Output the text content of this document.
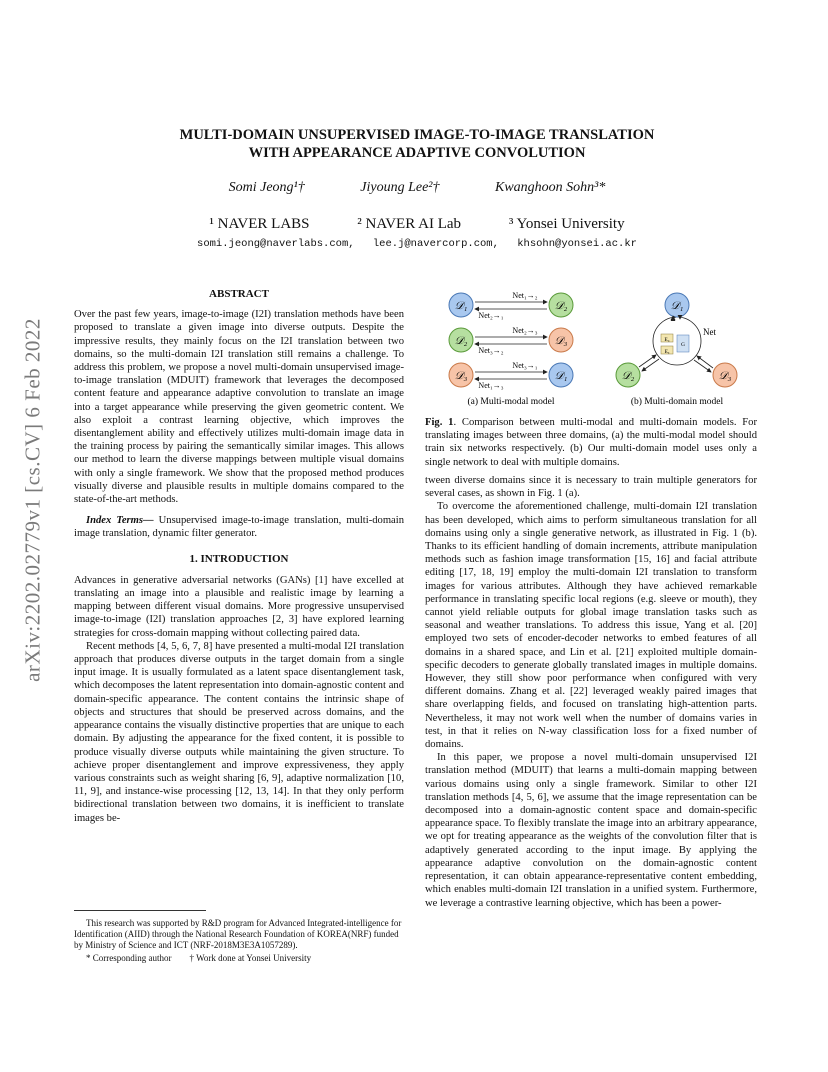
arXiv:2202.02779v1 [cs.CV] 6 Feb 2022
MULTI-DOMAIN UNSUPERVISED IMAGE-TO-IMAGE TRANSLATION
WITH APPEARANCE ADAPTIVE CONVOLUTION
Somi Jeong¹†	Jiyoung Lee²†	Kwanghoon Sohn³*
¹ NAVER LABS	² NAVER AI Lab	³ Yonsei University
somi.jeong@naverlabs.com, lee.j@navercorp.com, khsohn@yonsei.ac.kr
ABSTRACT

Over the past few years, image-to-image (I2I) translation methods have been proposed to translate a given image into diverse outputs. Despite the impressive results, they mainly focus on the I2I translation between two domains, so the multi-domain I2I translation still remains a challenge. To address this problem, we propose a novel multi-domain unsupervised image-to-image translation (MDUIT) framework that leverages the decomposed content feature and appearance adaptive convolution to translate an image into a target appearance while preserving the given geometric content. We also exploit a contrast learning objective, which improves the disentanglement ability and effectively utilizes multi-domain image data in the training process by pairing the semantically similar images. This allows our method to learn the diverse mappings between multiple visual domains with only a single framework. We show that the proposed method produces visually diverse and plausible results in multiple domains compared to the state-of-the-art methods.

Index Terms— Unsupervised image-to-image translation, multi-domain image translation, dynamic filter generator.

1. INTRODUCTION

Advances in generative adversarial networks (GANs) [1] have excelled at translating an image into a plausible and realistic image by learning a mapping between different visual domains. More progressive unsupervised image-to-image (I2I) translation approaches [2, 3] have explored learning strategies for cross-domain mapping without collecting paired data.

Recent methods [4, 5, 6, 7, 8] have presented a multi-modal I2I translation approach that produces diverse outputs in the target domain from a single input image. It is usually formulated as a latent space disentanglement task, which decomposes the latent representation into domain-agnostic content and domain-specific appearance. The content contains the intrinsic shape of objects and structures that should be preserved across domains, and the appearance contains the visually distinctive properties that are unique to each domain. By adjusting the appearance for the fixed content, it is possible to produce visually diverse outputs while maintaining the given structure. To achieve proper disentanglement and improve expressiveness, they apply various constraints such as weight sharing [6, 9], adaptive normalization [10, 11, 9], and instance-wise processing [12, 13, 14]. In that they only perform bidirectional translation between two domains, it is inefficient to translate images be-

This research was supported by R&D program for Advanced Integrated-intelligence for Identification (AIID) through the National Research Foundation of KOREA(NRF) funded by Ministry of Science and ICT (NRF-2018M3E3A1057289).

* Corresponding author        † Work done at Yonsei University

𝒟₁	𝒟₂
Net₁→₂
Net₂→₁
𝒟₂	𝒟₃
Net₂→₃
Net₃→₂
𝒟₃	𝒟₁
Net₃→₁
Net₁→₃
(a) Multi-modal model
Net
E꜀
Eₐ
G
𝒟₁
𝒟₂	𝒟₃
(b) Multi-domain model
Fig. 1. Comparison between multi-modal and multi-domain models. For translating images between three domains, (a) the multi-modal model should train six networks respectively. (b) Our multi-domain model uses only a single network to deal with multiple domains.

tween diverse domains since it is necessary to train multiple generators for several cases, as shown in Fig. 1 (a).

To overcome the aforementioned challenge, multi-domain I2I translation has been developed, which aims to perform simultaneous translation for all domains using only a single generative network, as illustrated in Fig. 1 (b). Thanks to its efficient handling of domain increments, attribute manipulation methods such as fashion image transformation [15, 16] and facial attribute editing [17, 18, 19] employ the multi-domain I2I translation to transform images for various attributes. Although they have achieved remarkable performance in translating specific local regions (e.g. sleeve or mouth), they cannot yield reliable outputs for global image translation tasks such as seasonal and weather translations. To address this issue, Yang et al. [20] employed two sets of encoder-decoder networks to embed features of all domains in a shared space, and Lin et al. [21] exploited multiple domain-specific decoders to generate globally translated images in multiple domains. However, they still show poor performance when configured with very different domains. Zhang et al. [22] leveraged weakly paired images that share overlapping fields, and focused on translating high-attention parts. Nevertheless, it may not work well when the number of domains varies in test, in that it relies on N-way classification loss for a fixed number of domains.

In this paper, we propose a novel multi-domain unsupervised I2I translation method (MDUIT) that learns a multi-domain mapping between various domains using only a single framework. Similar to other I2I translation methods [4, 5, 6], we assume that the image representation can be decomposed into a domain-agnostic content space and domain-specific appearance space. To flexibly translate the image into an arbitrary appearance, we opt for treating appearance as the weights of the convolution filter that is adaptively generated according to the input image. By applying the appearance adaptive convolution on the domain-agnostic content representation, it can obtain appearance-representative content embedding, which enables multi-domain I2I translation in a unified system. Furthermore, we leverage a contrastive learning objective, which has been a power-
